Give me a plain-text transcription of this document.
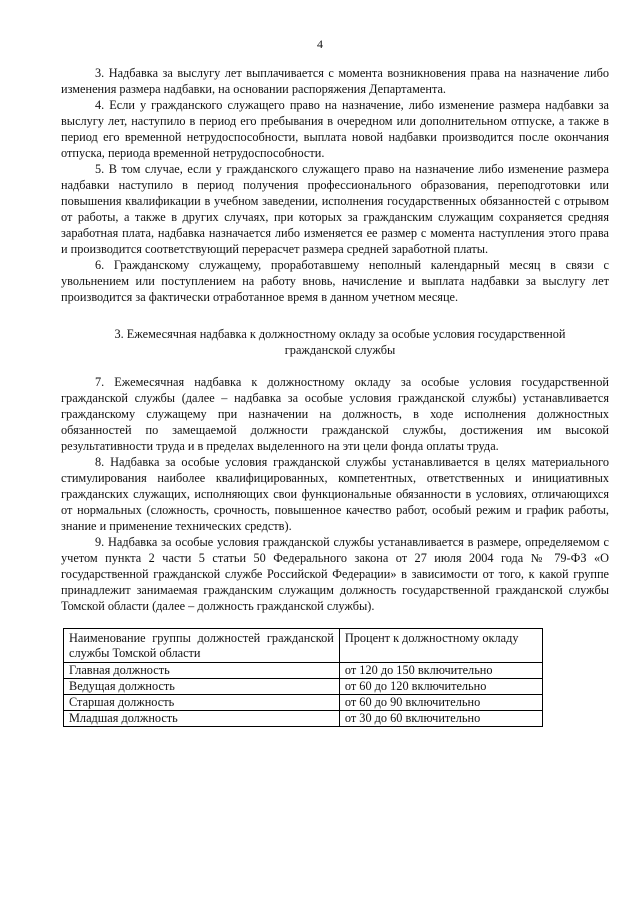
4

3. Надбавка за выслугу лет выплачивается с момента возникновения права на назначение либо изменения размера надбавки, на основании распоряжения Департамента.

4. Если у гражданского служащего право на назначение, либо изменение размера надбавки за выслугу лет, наступило в период его пребывания в очередном или дополнительном отпуске, а также в период его временной нетрудоспособности, выплата новой надбавки производится после окончания отпуска, периода временной нетрудоспособности.

5. В том случае, если у гражданского служащего право на назначение либо изменение размера надбавки наступило в период получения профессионального образования, переподготовки или повышения квалификации в учебном заведении, исполнения государственных обязанностей с отрывом от работы, а также в других случаях, при которых за гражданским служащим сохраняется средняя заработная плата, надбавка назначается либо изменяется ее размер с момента наступления этого права и производится соответствующий перерасчет размера средней заработной платы.

6. Гражданскому служащему, проработавшему неполный календарный месяц в связи с увольнением или поступлением на работу вновь, начисление и выплата надбавки за выслугу лет производится за фактически отработанное время в данном учетном месяце.

3. Ежемесячная надбавка к должностному окладу за особые условия государственной гражданской службы

7. Ежемесячная надбавка к должностному окладу за особые условия государственной гражданской службы (далее – надбавка за особые условия гражданской службы) устанавливается гражданскому служащему при назначении на должность, в ходе исполнения должностных обязанностей по замещаемой должности гражданской службы, достижения им высокой результативности труда и в пределах выделенного на эти цели фонда оплаты труда.

8. Надбавка за особые условия гражданской службы устанавливается в целях материального стимулирования наиболее квалифицированных, компетентных, ответственных и инициативных гражданских служащих, исполняющих свои функциональные обязанности в условиях, отличающихся от нормальных (сложность, срочность, повышенное качество работ, особый режим и график работы, знание и применение технических средств).

9. Надбавка за особые условия гражданской службы устанавливается в размере, определяемом с учетом пункта 2 части 5 статьи 50 Федерального закона от 27 июля 2004 года № 79-ФЗ «О государственной гражданской службе Российской Федерации» в зависимости от того, к какой группе принадлежит занимаемая гражданским служащим должность государственной гражданской службы Томской области (далее – должность гражданской службы).

Наименование группы должностей гражданской службы Томской области	Процент к должностному окладу
Главная должность	от 120 до 150 включительно
Ведущая должность	от 60 до 120 включительно
Старшая должность	от 60 до 90 включительно
Младшая должность	от 30 до 60 включительно
